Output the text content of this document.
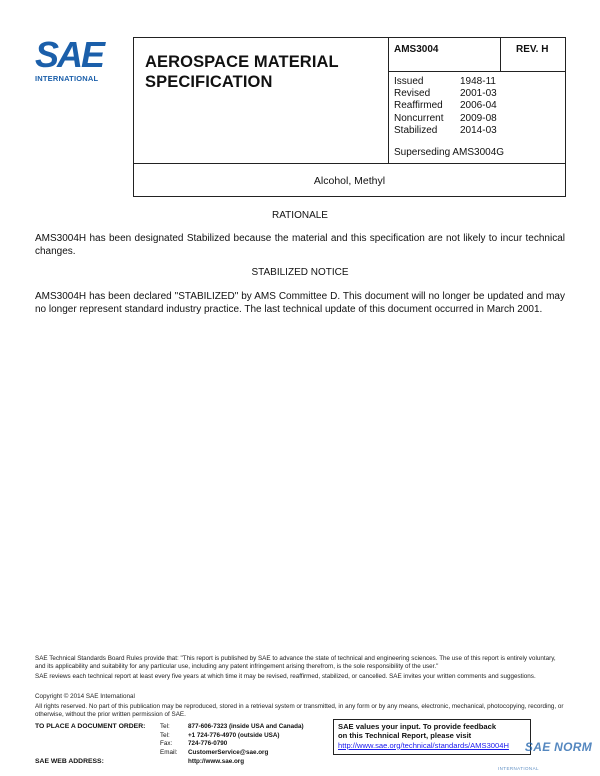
SAE
INTERNATIONAL
AEROSPACE MATERIAL
SPECIFICATION
AMS3004	REV. H
Issued	1948-11
Revised	2001-03
Reaffirmed	2006-04
Noncurrent	2009-08
Stabilized	2014-03
Superseding AMS3004G
Alcohol, Methyl
RATIONALE
AMS3004H has been designated Stabilized because the material and this specification are not likely to incur technical changes.
STABILIZED NOTICE
AMS3004H has been declared "STABILIZED" by AMS Committee D. This document will no longer be updated and may no longer represent standard industry practice. The last technical update of this document occurred in March 2001.
SAE Technical Standards Board Rules provide that: "This report is published by SAE to advance the state of technical and engineering sciences. The use of this report is entirely voluntary, and its applicability and suitability for any particular use, including any patent infringement arising therefrom, is the sole responsibility of the user."
SAE reviews each technical report at least every five years at which time it may be revised, reaffirmed, stabilized, or cancelled. SAE invites your written comments and suggestions.
Copyright © 2014 SAE International
All rights reserved. No part of this publication may be reproduced, stored in a retrieval system or transmitted, in any form or by any means, electronic, mechanical, photocopying, recording, or otherwise, without the prior written permission of SAE.
TO PLACE A DOCUMENT ORDER: Tel:	877-606-7323 (inside USA and Canada)
Tel:	+1 724-776-4970 (outside USA)
Fax:	724-776-0790
Email:	CustomerService@sae.org
SAE WEB ADDRESS:	http://www.sae.org
SAE values your input. To provide feedback
on this Technical Report, please visit
http://www.sae.org/technical/standards/AMS3004H	SAE NORM
INTERNATIONAL
